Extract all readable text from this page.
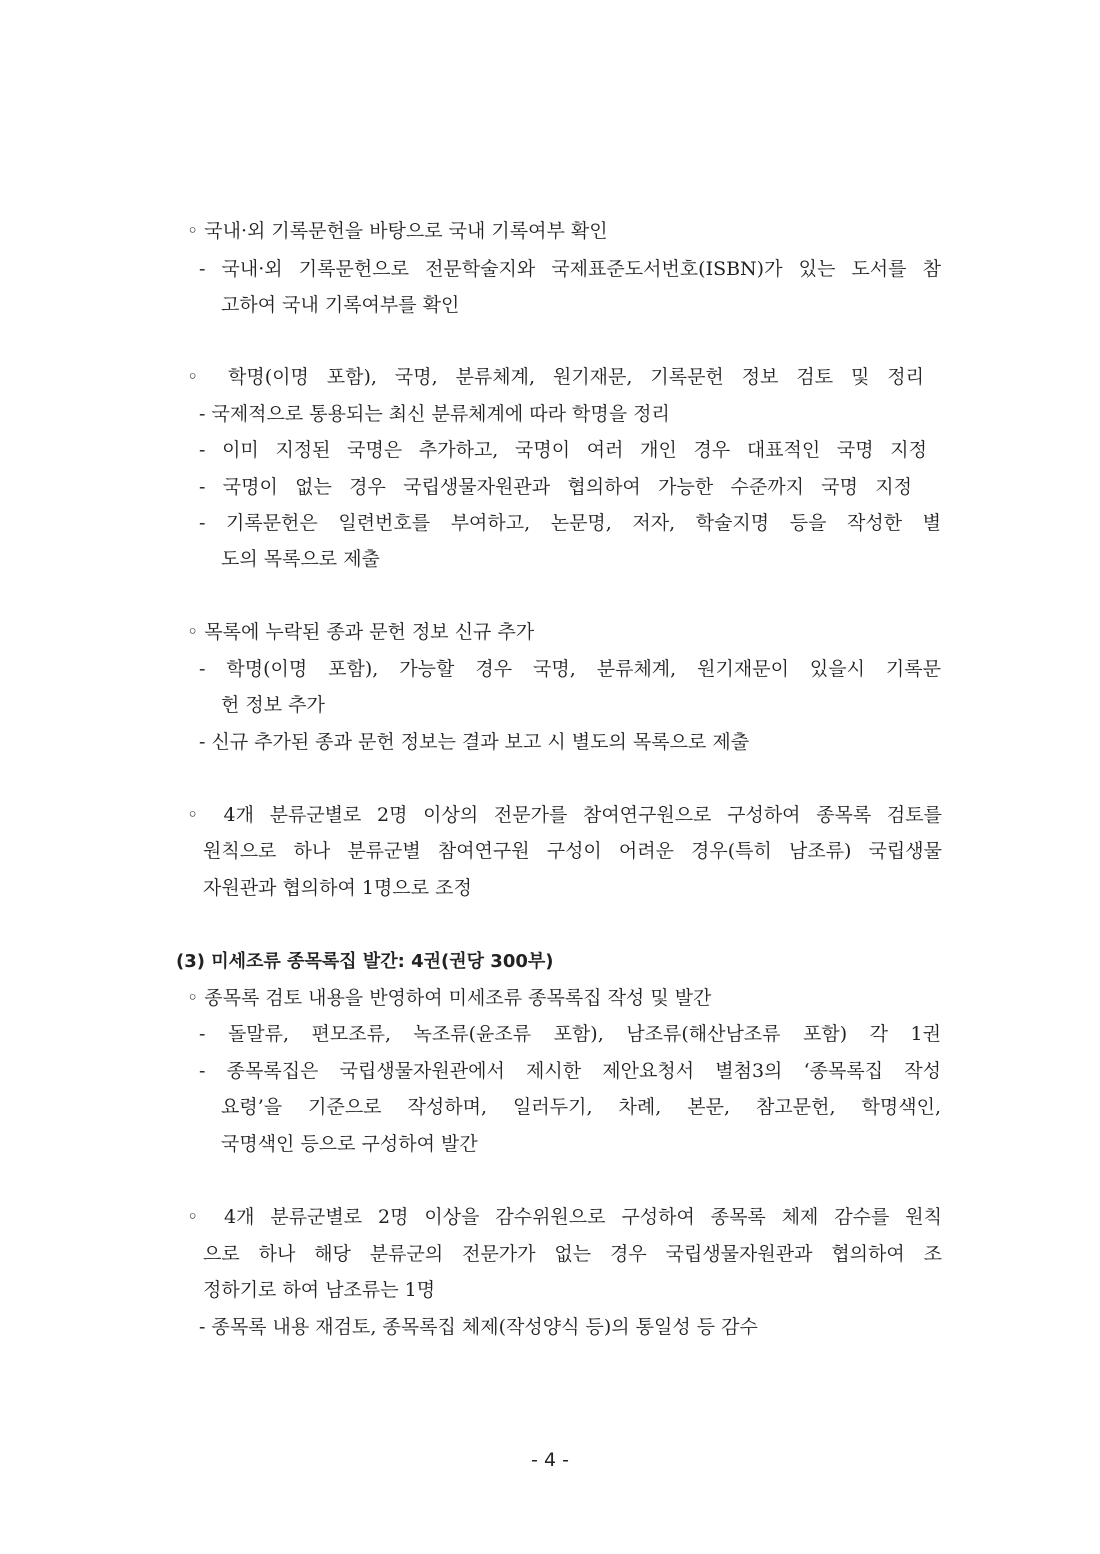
◦ 국내·외 기록문헌을 바탕으로 국내 기록여부 확인
- 국내·외 기록문헌으로 전문학술지와 국제표준도서번호(ISBN)가 있는 도서를 참
고하여 국내 기록여부를 확인
◦ 학명(이명 포함), 국명, 분류체계, 원기재문, 기록문헌 정보 검토 및 정리
- 국제적으로 통용되는 최신 분류체계에 따라 학명을 정리
- 이미 지정된 국명은 추가하고, 국명이 여러 개인 경우 대표적인 국명 지정
- 국명이 없는 경우 국립생물자원관과 협의하여 가능한 수준까지 국명 지정
- 기록문헌은 일련번호를 부여하고, 논문명, 저자, 학술지명 등을 작성한 별
도의 목록으로 제출
◦ 목록에 누락된 종과 문헌 정보 신규 추가
- 학명(이명 포함), 가능할 경우 국명, 분류체계, 원기재문이 있을시 기록문
헌 정보 추가
- 신규 추가된 종과 문헌 정보는 결과 보고 시 별도의 목록으로 제출
◦ 4개 분류군별로 2명 이상의 전문가를 참여연구원으로 구성하여 종목록 검토를
원칙으로 하나 분류군별 참여연구원 구성이 어려운 경우(특히 남조류) 국립생물
자원관과 협의하여 1명으로 조정
(3) 미세조류 종목록집 발간: 4권(권당 300부)
◦ 종목록 검토 내용을 반영하여 미세조류 종목록집 작성 및 발간
- 돌말류, 편모조류, 녹조류(윤조류 포함), 남조류(해산남조류 포함) 각 1권
- 종목록집은 국립생물자원관에서 제시한 제안요청서 별첨3의 ‘종목록집 작성
요령’을 기준으로 작성하며, 일러두기, 차례, 본문, 참고문헌, 학명색인,
국명색인 등으로 구성하여 발간
◦ 4개 분류군별로 2명 이상을 감수위원으로 구성하여 종목록 체제 감수를 원칙
으로 하나 해당 분류군의 전문가가 없는 경우 국립생물자원관과 협의하여 조
정하기로 하여 남조류는 1명
- 종목록 내용 재검토, 종목록집 체제(작성양식 등)의 통일성 등 감수
- 4 -
